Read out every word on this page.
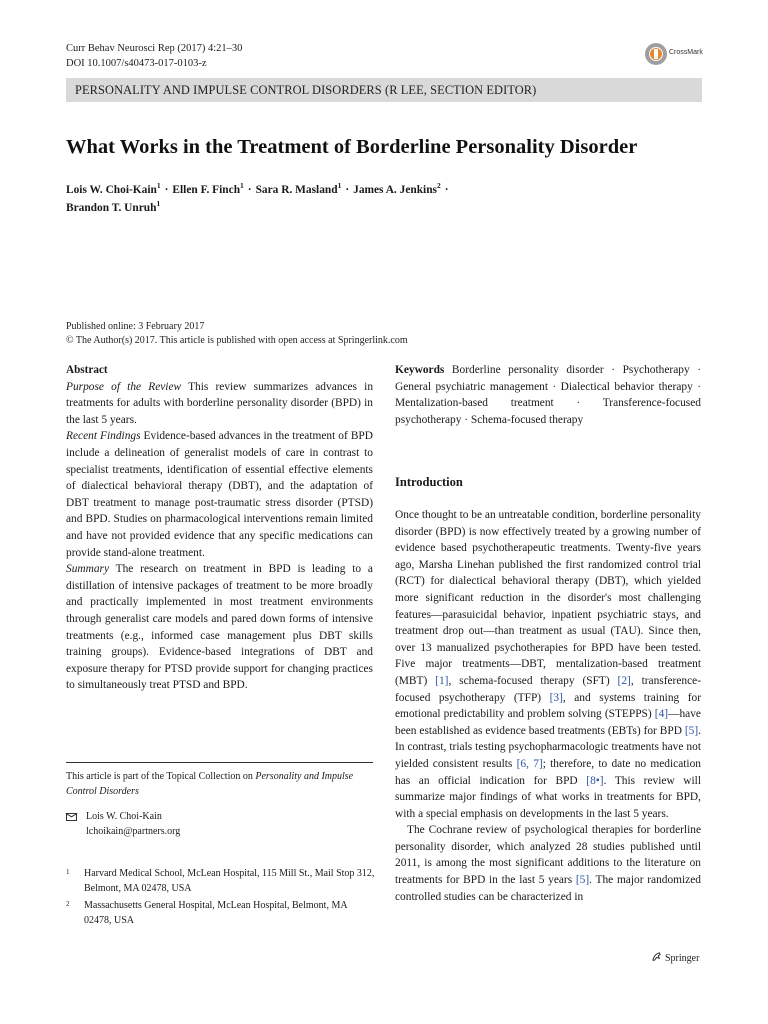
Curr Behav Neurosci Rep (2017) 4:21–30
DOI 10.1007/s40473-017-0103-z
CrossMark
PERSONALITY AND IMPULSE CONTROL DISORDERS (R LEE, SECTION EDITOR)
What Works in the Treatment of Borderline Personality Disorder
Lois W. Choi-Kain$^1$ · Ellen F. Finch$^1$ · Sara R. Masland$^1$ · James A. Jenkins$^2$ ·
Brandon T. Unruh$^1$
Published online: 3 February 2017
© The Author(s) 2017. This article is published with open access at Springerlink.com
Abstract

Purpose of the Review This review summarizes advances in treatments for adults with borderline personality disorder (BPD) in the last 5 years.

Recent Findings Evidence-based advances in the treatment of BPD include a delineation of generalist models of care in contrast to specialist treatments, identification of essential effective elements of dialectical behavioral therapy (DBT), and the adaptation of DBT treatment to manage post-traumatic stress disorder (PTSD) and BPD. Studies on pharmacological interventions remain limited and have not provided evidence that any specific medications can provide stand-alone treatment.

Summary The research on treatment in BPD is leading to a distillation of intensive packages of treatment to be more broadly and practically implemented in most treatment environments through generalist care models and pared down forms of intensive treatments (e.g., informed case management plus DBT skills training groups). Evidence-based integrations of DBT and exposure therapy for PTSD provide support for changing practices to simultaneously treat PTSD and BPD.

Keywords Borderline personality disorder · Psychotherapy · General psychiatric management · Dialectical behavior therapy · Mentalization-based treatment · Transference-focused psychotherapy · Schema-focused therapy
Introduction

Once thought to be an untreatable condition, borderline personality disorder (BPD) is now effectively treated by a growing number of evidence based psychotherapeutic treatments. Twenty-five years ago, Marsha Linehan published the first randomized control trial (RCT) for dialectical behavioral therapy (DBT), which yielded more significant reduction in the disorder's most challenging features—parasuicidal behavior, inpatient psychiatric stays, and treatment drop out—than treatment as usual (TAU). Since then, over 13 manualized psychotherapies for BPD have been tested. Five major treatments—DBT, mentalization-based treatment (MBT) [1], schema-focused therapy (SFT) [2], transference-focused psychotherapy (TFP) [3], and systems training for emotional predictability and problem solving (STEPPS) [4]—have been established as evidence based treatments (EBTs) for BPD [5]. In contrast, trials testing psychopharmacologic treatments have not yielded consistent results [6, 7]; therefore, to date no medication has an official indication for BPD [8•]. This review will summarize major findings of what works in treatments for BPD, with a special emphasis on developments in the last 5 years.

The Cochrane review of psychological therapies for borderline personality disorder, which analyzed 28 studies published until 2011, is among the most significant additions to the literature on treatments for BPD in the last 5 years [5]. The major randomized controlled studies can be characterized in

This article is part of the Topical Collection on Personality and Impulse Control Disorders
Lois W. Choi-Kain
lchoikain@partners.org
1 Harvard Medical School, McLean Hospital, 115 Mill St., Mail Stop 312, Belmont, MA 02478, USA
2 Massachusetts General Hospital, McLean Hospital, Belmont, MA 02478, USA
Springer
